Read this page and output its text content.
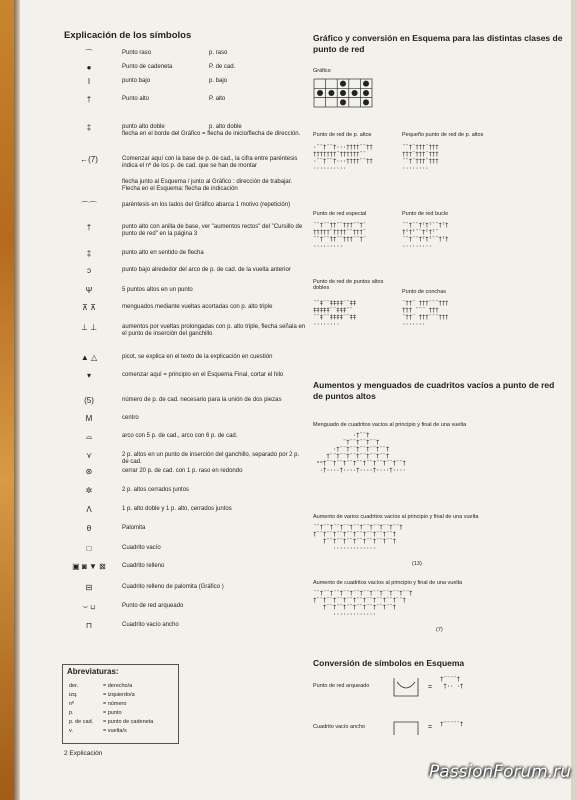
Explicación de los símbolos
⌒	Punto raso	p. raso
●	Punto de cadeneta	P. de cad.
I	punto bajo	p. bajo
†	Punto alto	P. alto
‡	punto alto doble	p. alto doble
flecha en el borde del Gráfico = flecha de inicio/flecha de dirección.
←(7)	Comenzar aquí con la base de p. de cad., la cifra entre paréntesis indica el nº de los p. de cad. que se han de montar
flecha junto al Esquema / junto al Gráfico : dirección de trabajar. Flecha en el Esquema: flecha de indicación
⌒⌒	paréntesis en los lados del Gráfico abarca 1 motivo (repetición)
†	punto alto con anilla de base, ver "aumentos rectos" del "Cursillo de punto de red" en la página 3
‡	punto alto en sentido de flecha
ↄ	punto bajo alrededor del arco de p. de cad. de la vuelta anterior
Ψ	5 puntos altos en un punto
⊼ ⊼	menguados mediante vueltas acortadas con p. alto triple
⊥ ⊥	aumentos por vueltas prolongadas con p. alto triple, flecha señala en el punto de inserción del ganchillo
▲ △	picot, se explica en el texto de la explicación en cuestión
▾	comenzar aquí = principio en el Esquema Final, cortar el hilo
(5)	número de p. de cad. necesario para la unión de dos piezas
M	centro
⌓	arco con 5 p. de cad., arco con 6 p. de cad.
⋎	2 p. altos en un punto de inserción del ganchillo, separado por 2 p. de cad.
⊛	cerrar 20 p. de cad. con 1 p. raso en redondo
✲	2 p. altos cerrados juntos
Λ	1 p. alto doble y 1 p. alto, cerrados juntos
θ	Palomita
□	Cuadrito vacío
▣ ◙ ▼ ⊠	Cuadrito relleno
⊟	Cuadrito relleno de palomita (Gráfico )
⌣ ⊔	Punto de red arqueado
⊓	Cuadrito vacío ancho
Abreviaturas:
der.	= derecho/a
izq.	= izquierdo/a
nº	= número
p.	= punto
p. de cad. = punto de cadeneta
v.	= vuelta/s
2 Explicación
Gráfico y conversión en Esquema para las distintas clases de punto de red
Gráfico
Punto de red de p. altos	Pequeño punto de red de p. altos
·¨¨†¨¨†···††††¨¨††
†††††††¨††††††¨¨
·¨¨†¨¨†···††††¨¨††
··········
¨¨†¨†††¨†††
†††¨†††¨†††
¨¨†¨†††¨†††
········
Punto de red especial	Punto de red bucle
¨¨†¨¨††¨¨†††¨¨†¨
†††††¨††††¨¨†††¨
¨¨†¨¨††¨¨†††¨¨†¨
·········
¨¨†¨¨†ᵀ†ᵀ¨¨†ᵀ†
†ᵀ†ᵀ¨¨†ᵀ†ᵀ¨
¨¨†¨¨†ᵀ†ᵀ¨¨†ᵀ†
·········
Punto de red de puntos altos dobles
Punto de conchas
¨¨‡¨¨‡‡‡‡¨¨‡‡
‡‡‡‡‡¨¨‡‡‡¨¨
¨¨‡¨¨‡‡‡‡¨¨‡‡
········
¨††¨ †††¨¨¨†††
††† ¨¨¨ †††
¨††¨ †††¨¨¨†††
·······
Aumentos y menguados de cuadritos vacíos a punto de red de puntos altos
Menguado de cuadritos vacíos al principio y final de una vuelta
·†¨¨†
¨†¨¨†¨¨†¨¨†
·†¨¨†¨¨†¨¨†¨¨†¨¨†
†¨¨†¨¨†¨¨†¨¨†¨¨†¨¨†
ᵒᵒ†¨¨†¨¨†¨¨†¨¨†¨¨†¨¨†¨¨†¨¨†
·†····†····†····†····†····
Aumento de varios cuadritos vacíos al principio y final de una vuelta
¨¨†¨¨†¨¨†¨¨†¨¨†¨¨†¨¨†¨¨†¨¨†
†¨¨†¨¨†¨¨†¨¨†¨¨†¨¨†¨¨†¨¨†
†¨¨†¨¨†¨¨†¨¨†¨¨†¨¨†¨¨†
·············
(13)
Aumento de cuadritos vacíos al principio y final de una vuelta
¨¨†¨¨†¨¨†¨¨†¨¨†¨¨†¨¨†¨¨†¨¨†¨¨†
†¨¨†¨¨†¨¨†¨¨†¨¨†¨¨†¨¨†¨¨†¨¨†
†¨¨†¨¨†¨¨†¨¨†¨¨†¨¨†¨¨†
·············
(7)
Conversión de símbolos en Esquema
Punto de red arqueado	=
†¨¨¨¨†
†·· ·†
Cuadrito vacío ancho	= †¨¨¨¨¨†
PassionForum.ru
